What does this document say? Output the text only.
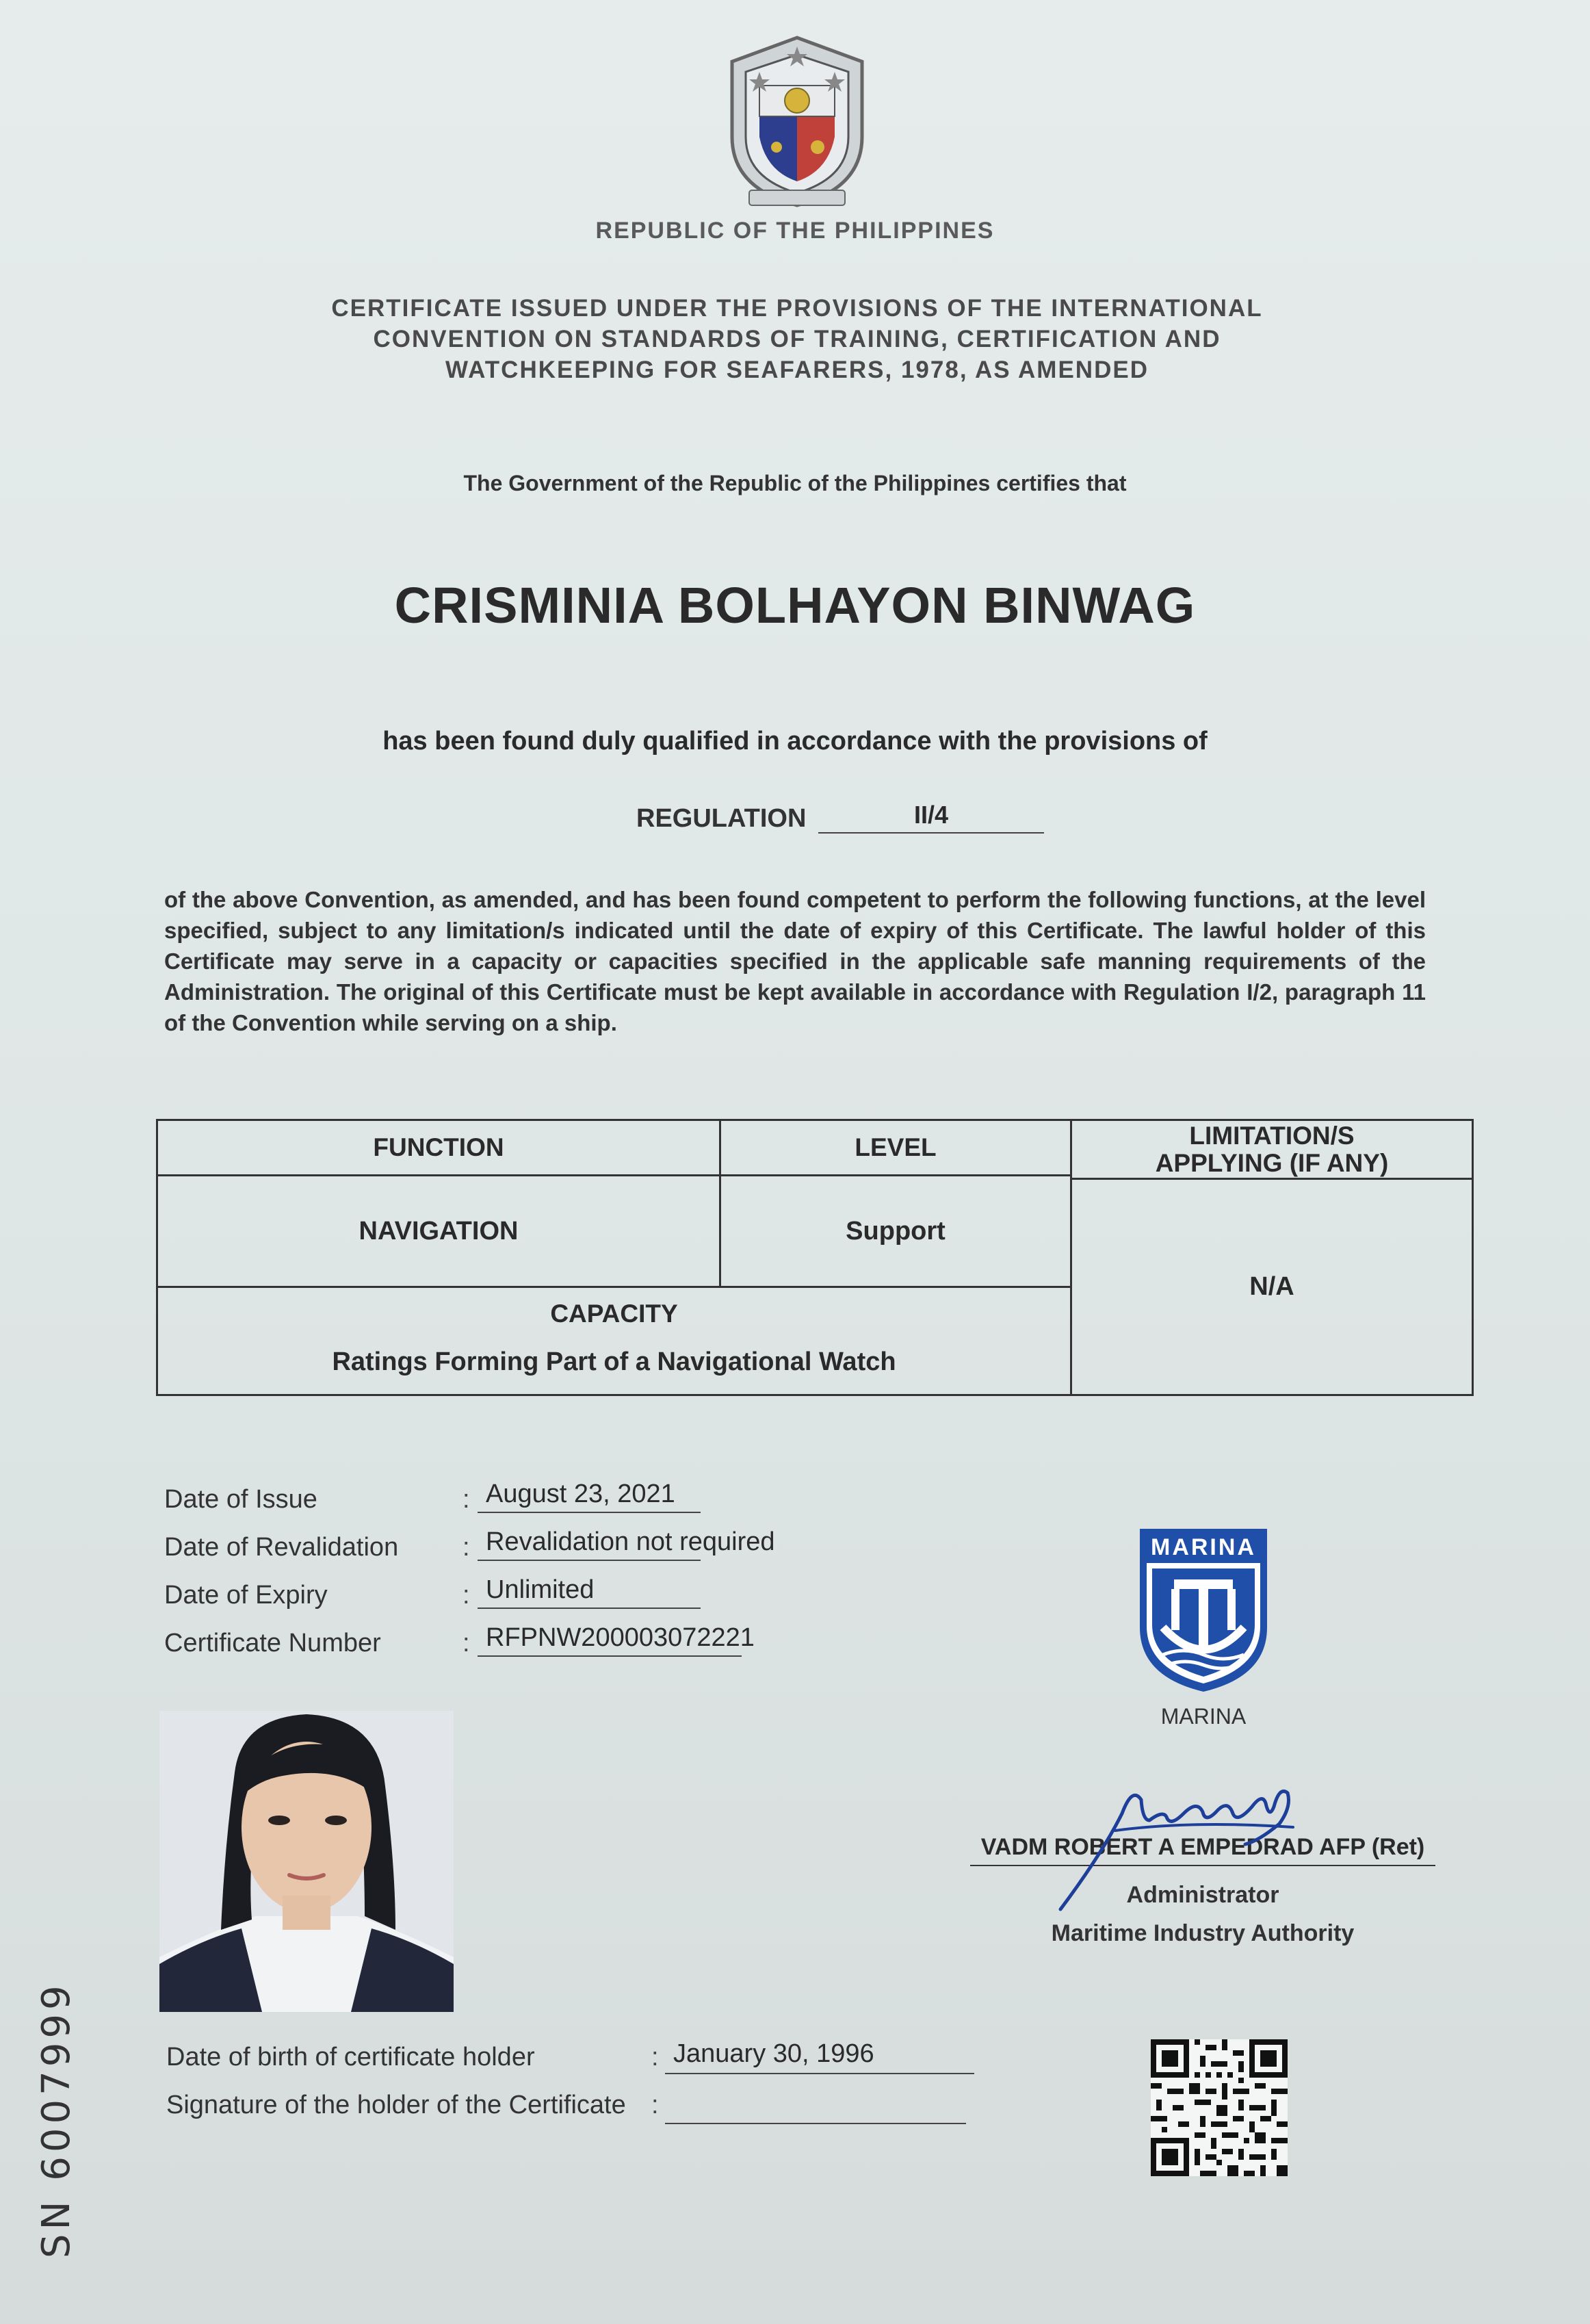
REPUBLIC OF THE PHILIPPINES
CERTIFICATE ISSUED UNDER THE PROVISIONS OF THE INTERNATIONAL CONVENTION ON STANDARDS OF TRAINING, CERTIFICATION AND WATCHKEEPING FOR SEAFARERS, 1978, AS AMENDED
The Government of the Republic of the Philippines certifies that
CRISMINIA BOLHAYON BINWAG
has been found duly qualified in accordance with the provisions of
REGULATION	II/4
of the above Convention, as amended, and has been found competent to perform the following functions, at the level specified, subject to any limitation/s indicated until the date of expiry of this Certificate. The lawful holder of this Certificate may serve in a capacity or capacities specified in the applicable safe manning requirements of the Administration. The original of this Certificate must be kept available in accordance with Regulation I/2, paragraph 11 of the Convention while serving on a ship.
FUNCTION	LEVEL	LIMITATION/S
APPLYING (IF ANY)
NAVIGATION	Support
N/A
CAPACITY
Ratings Forming Part of a Navigational Watch
Date of Issue	: August 23, 2021
Date of Revalidation : Revalidation not required
Date of Expiry	: Unlimited
Certificate Number	: RFPNW200003072221
MARINA
MARINA
VADM ROBERT A EMPEDRAD AFP (Ret)
Administrator
Maritime Industry Authority
Date of birth of certificate holder	: January 30, 1996
Signature of the holder of the Certificate :
SN 6007999
